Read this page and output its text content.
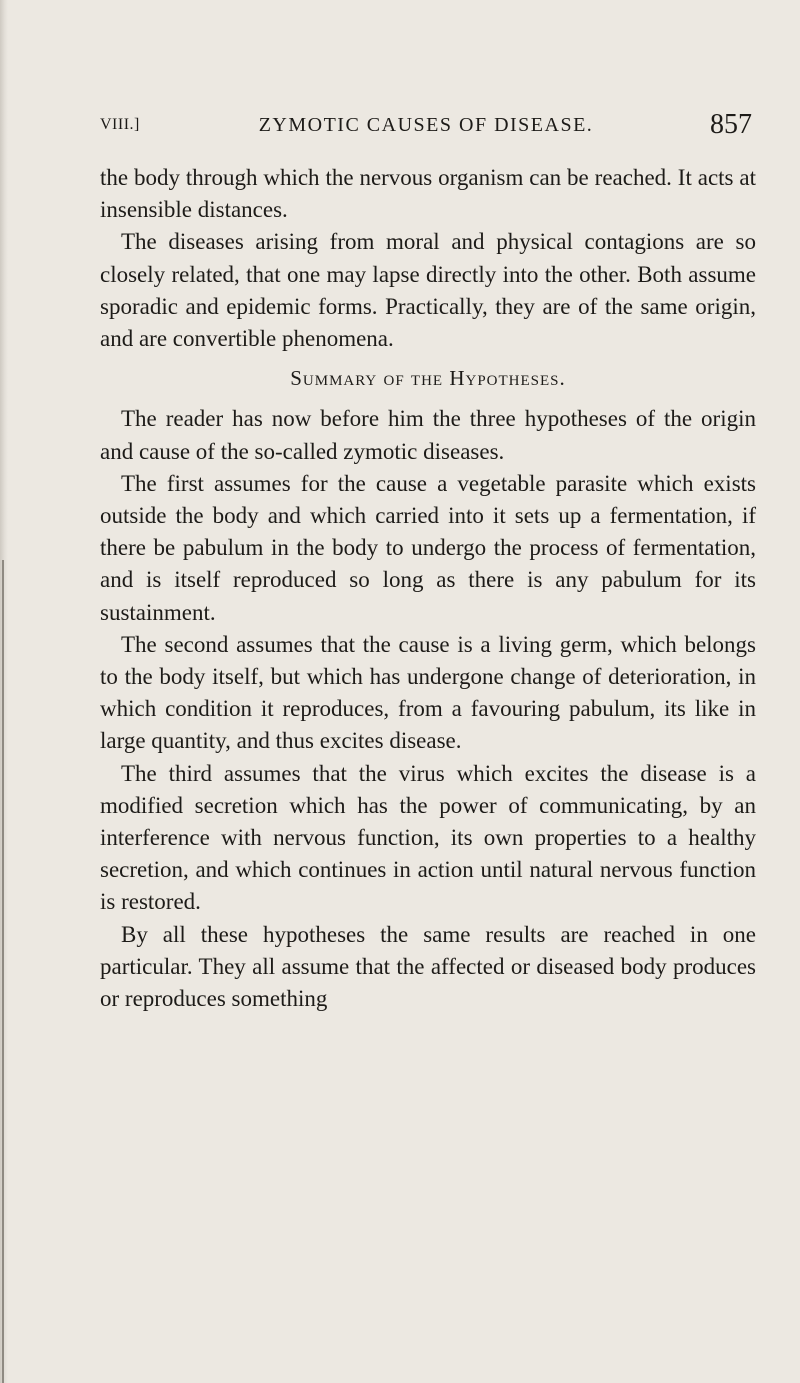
VIII.]	ZYMOTIC CAUSES OF DISEASE.	857

the body through which the nervous organism can be reached. It acts at insensible distances.

The diseases arising from moral and physical contagions are so closely related, that one may lapse directly into the other. Both assume sporadic and epidemic forms. Practically, they are of the same origin, and are convertible phenomena.

Summary of the Hypotheses.

The reader has now before him the three hypotheses of the origin and cause of the so-called zymotic diseases.

The first assumes for the cause a vegetable parasite which exists outside the body and which carried into it sets up a fermentation, if there be pabulum in the body to undergo the process of fermentation, and is itself reproduced so long as there is any pabulum for its sustainment.

The second assumes that the cause is a living germ, which belongs to the body itself, but which has undergone change of deterioration, in which condition it reproduces, from a favouring pabulum, its like in large quantity, and thus excites disease.

The third assumes that the virus which excites the disease is a modified secretion which has the power of communicating, by an interference with nervous function, its own properties to a healthy secretion, and which continues in action until natural nervous function is restored.

By all these hypotheses the same results are reached in one particular. They all assume that the affected or diseased body produces or reproduces something
